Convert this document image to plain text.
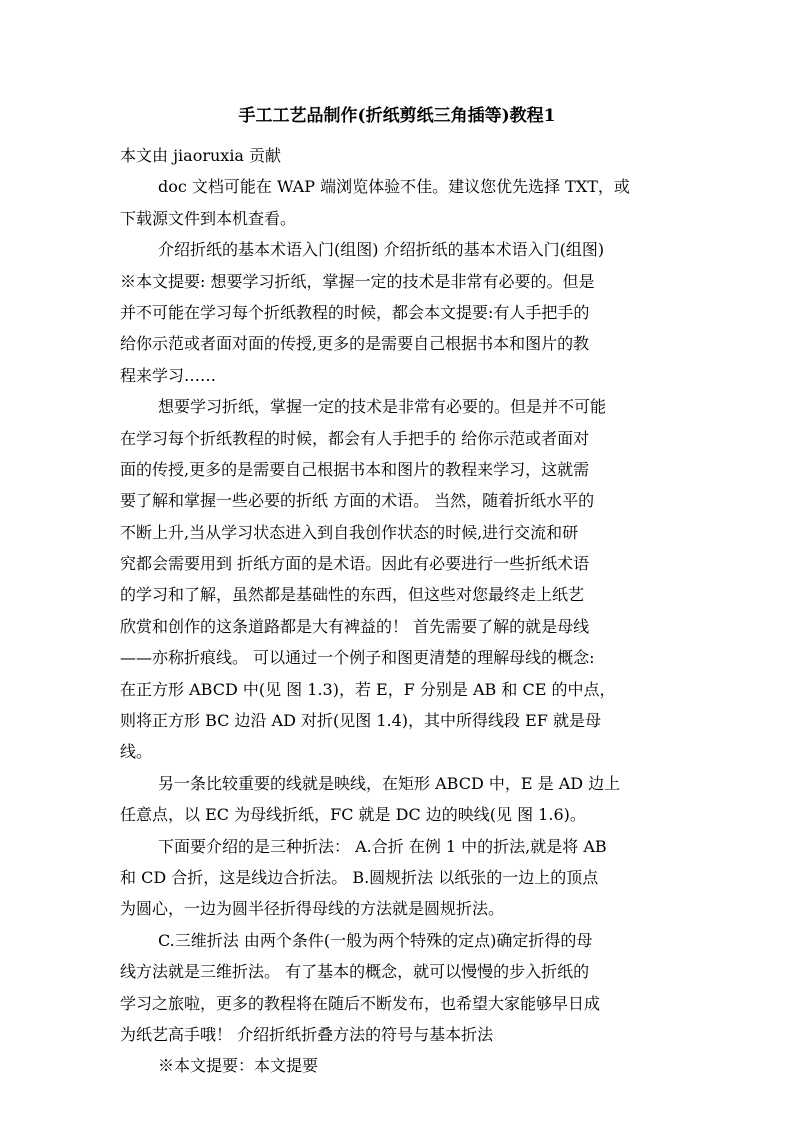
手工工艺品制作(折纸剪纸三角插等)教程1
本文由 jiaoruxia 贡献
doc 文档可能在 WAP 端浏览体验不佳。建议您优先选择 TXT，或
下载源文件到本机查看。
介绍折纸的基本术语入门(组图) 介绍折纸的基本术语入门(组图)
※本文提要: 想要学习折纸，掌握一定的技术是非常有必要的。但是
并不可能在学习每个折纸教程的时候，都会本文提要:有人手把手的
给你示范或者面对面的传授,更多的是需要自己根据书本和图片的教
程来学习……
想要学习折纸，掌握一定的技术是非常有必要的。但是并不可能
在学习每个折纸教程的时候，都会有人手把手的 给你示范或者面对
面的传授,更多的是需要自己根据书本和图片的教程来学习，这就需
要了解和掌握一些必要的折纸 方面的术语。 当然，随着折纸水平的
不断上升,当从学习状态进入到自我创作状态的时候,进行交流和研
究都会需要用到 折纸方面的是术语。因此有必要进行一些折纸术语
的学习和了解，虽然都是基础性的东西，但这些对您最终走上纸艺
欣赏和创作的这条道路都是大有裨益的！ 首先需要了解的就是母线
——亦称折痕线。 可以通过一个例子和图更清楚的理解母线的概念:
在正方形 ABCD 中(见 图 1.3)，若 E，F 分别是 AB 和 CE 的中点，
则将正方形 BC 边沿 AD 对折(见图 1.4)，其中所得线段 EF 就是母
线。
另一条比较重要的线就是映线，在矩形 ABCD 中，E 是 AD 边上
任意点，以 EC 为母线折纸，FC 就是 DC 边的映线(见 图 1.6)。
下面要介绍的是三种折法： A.合折 在例 1 中的折法,就是将 AB
和 CD 合折，这是线边合折法。 B.圆规折法 以纸张的一边上的顶点
为圆心，一边为圆半径折得母线的方法就是圆规折法。
C.三维折法 由两个条件(一般为两个特殊的定点)确定折得的母
线方法就是三维折法。 有了基本的概念，就可以慢慢的步入折纸的
学习之旅啦，更多的教程将在随后不断发布，也希望大家能够早日成
为纸艺高手哦！ 介绍折纸折叠方法的符号与基本折法
※本文提要：本文提要
